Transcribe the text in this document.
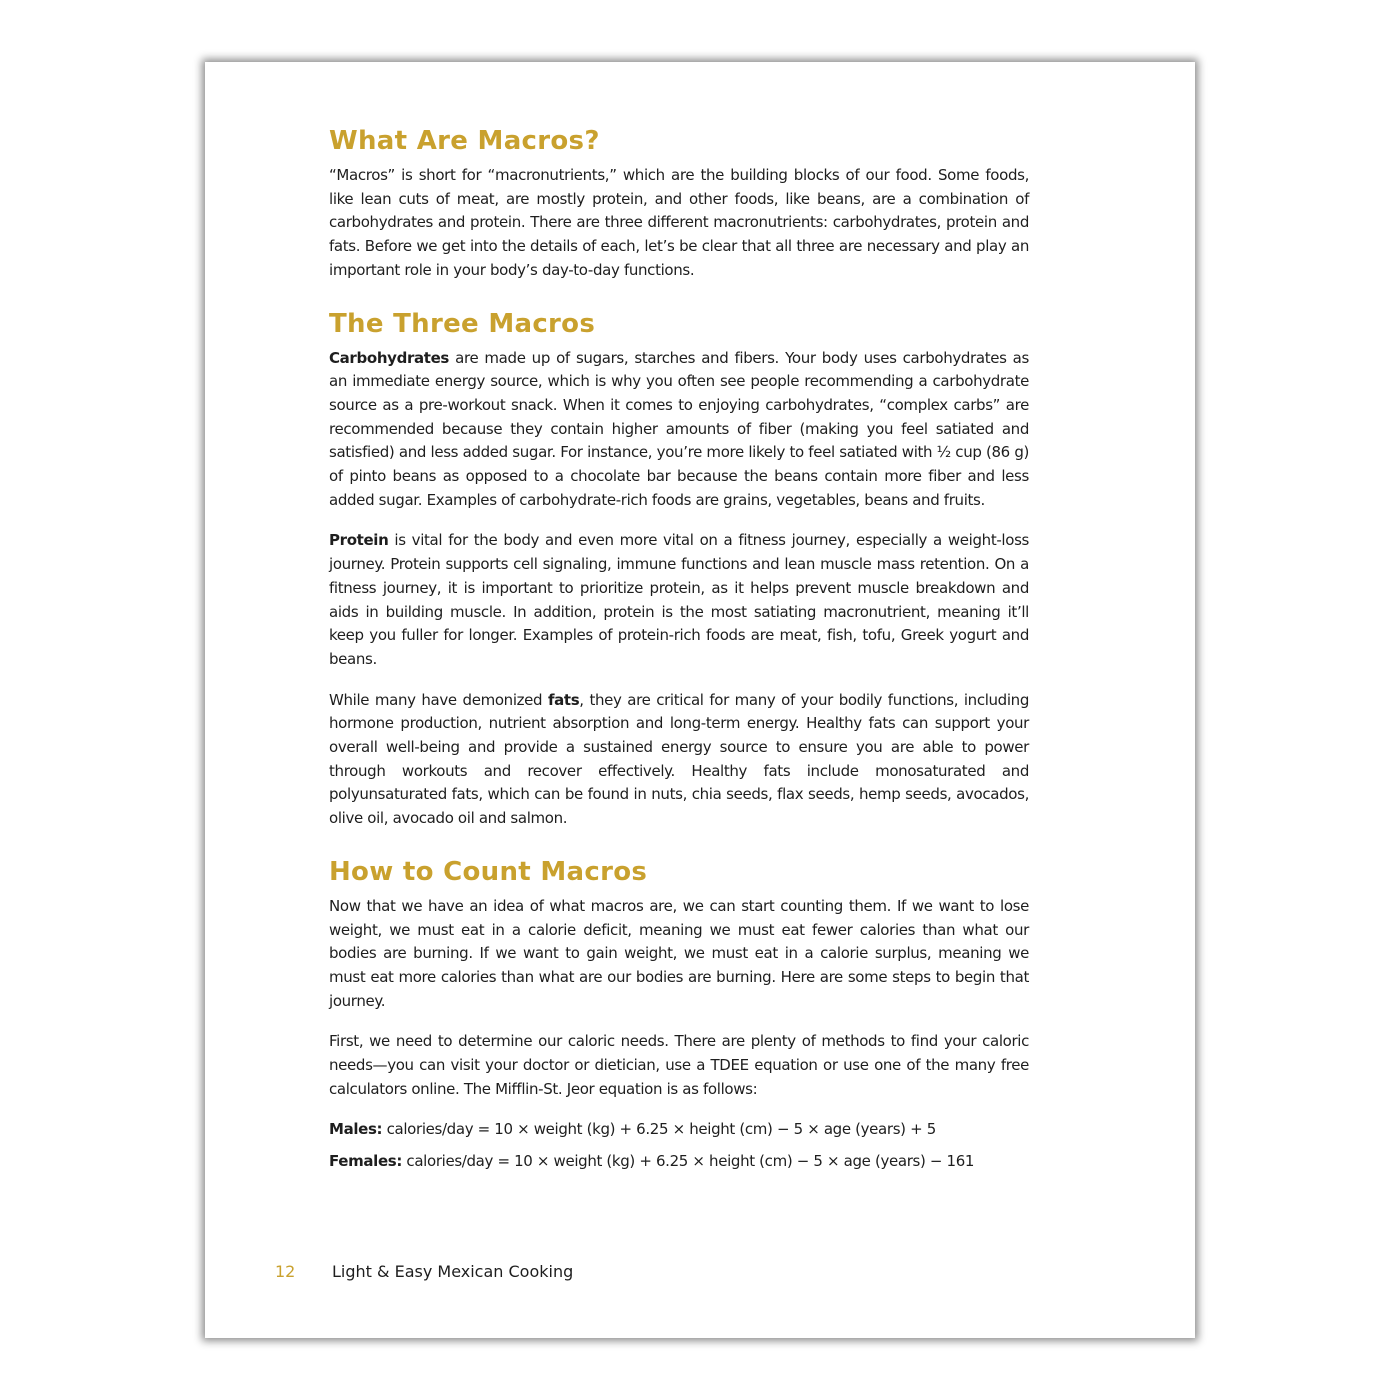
What Are Macros?

“Macros” is short for “macronutrients,” which are the building blocks of our food. Some foods, like lean cuts of meat, are mostly protein, and other foods, like beans, are a combination of carbohydrates and protein. There are three different macronutrients: carbohydrates, protein and fats. Before we get into the details of each, let’s be clear that all three are necessary and play an important role in your body’s day-to-day functions.

The Three Macros

Carbohydrates are made up of sugars, starches and fibers. Your body uses carbohydrates as an immediate energy source, which is why you often see people recommending a carbohydrate source as a pre-workout snack. When it comes to enjoying carbohydrates, “complex carbs” are recommended because they contain higher amounts of fiber (making you feel satiated and satisfied) and less added sugar. For instance, you’re more likely to feel satiated with ½ cup (86 g) of pinto beans as opposed to a chocolate bar because the beans contain more fiber and less added sugar. Examples of carbohydrate-rich foods are grains, vegetables, beans and fruits.

Protein is vital for the body and even more vital on a fitness journey, especially a weight-loss journey. Protein supports cell signaling, immune functions and lean muscle mass retention. On a fitness journey, it is important to prioritize protein, as it helps prevent muscle breakdown and aids in building muscle. In addition, protein is the most satiating macronutrient, meaning it’ll keep you fuller for longer. Examples of protein-rich foods are meat, fish, tofu, Greek yogurt and beans.

While many have demonized fats, they are critical for many of your bodily functions, including hormone production, nutrient absorption and long-term energy. Healthy fats can support your overall well-being and provide a sustained energy source to ensure you are able to power through workouts and recover effectively. Healthy fats include monosaturated and polyunsaturated fats, which can be found in nuts, chia seeds, flax seeds, hemp seeds, avocados, olive oil, avocado oil and salmon.

How to Count Macros

Now that we have an idea of what macros are, we can start counting them. If we want to lose weight, we must eat in a calorie deficit, meaning we must eat fewer calories than what our bodies are burning. If we want to gain weight, we must eat in a calorie surplus, meaning we must eat more calories than what are our bodies are burning. Here are some steps to begin that journey.

First, we need to determine our caloric needs. There are plenty of methods to find your caloric needs—you can visit your doctor or dietician, use a TDEE equation or use one of the many free calculators online. The Mifflin-St. Jeor equation is as follows:

Males: calories/day = 10 × weight (kg) + 6.25 × height (cm) − 5 × age (years) + 5
Females: calories/day = 10 × weight (kg) + 6.25 × height (cm) − 5 × age (years) − 161
12	Light & Easy Mexican Cooking
